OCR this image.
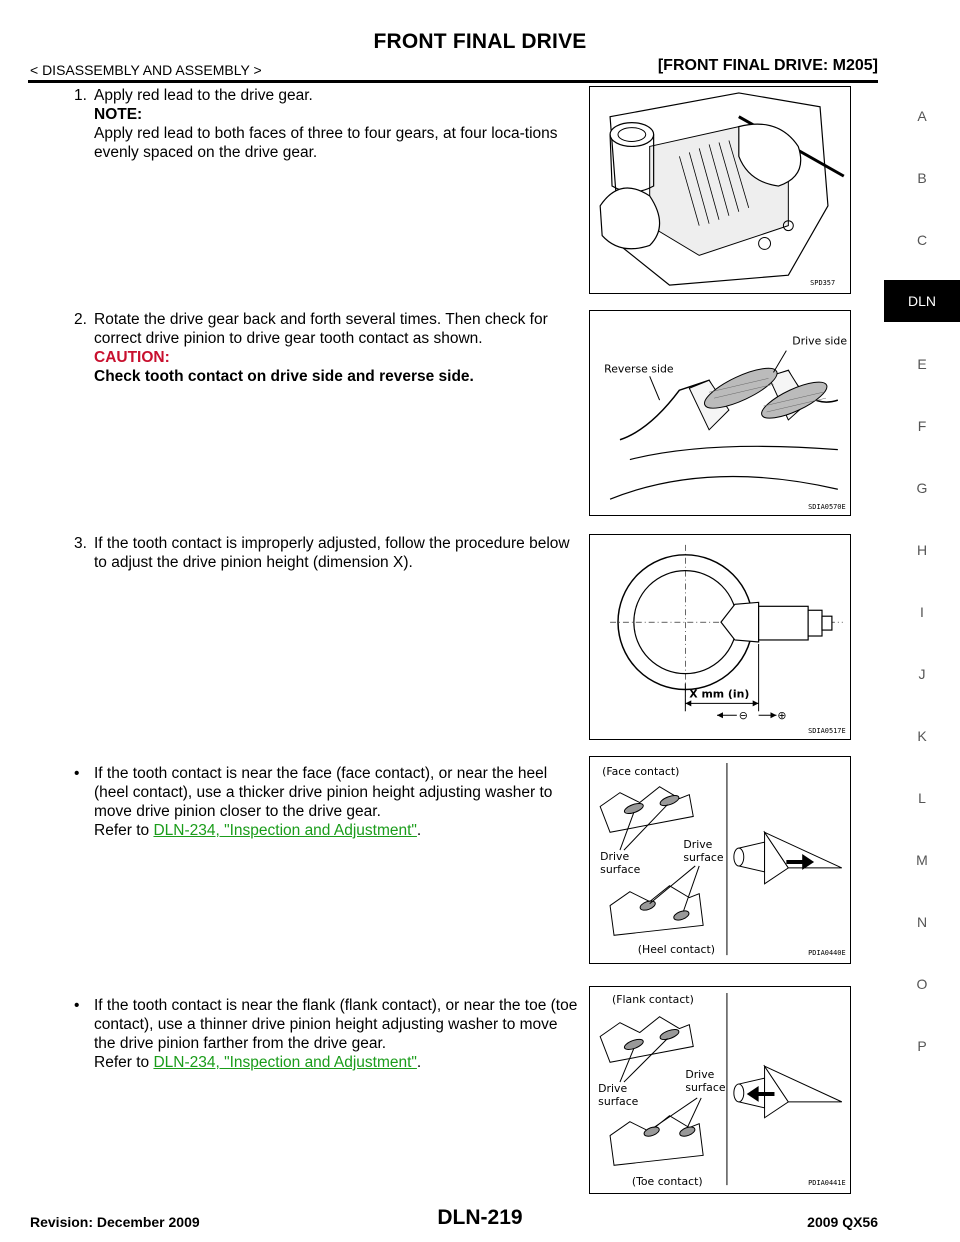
FRONT FINAL DRIVE
< DISASSEMBLY AND ASSEMBLY >	[FRONT FINAL DRIVE: M205]
A
B
C
DLN
E
F
G
H
I
J
K
L
M
N
O
P
1. Apply red lead to the drive gear.
NOTE:
Apply red lead to both faces of three to four gears, at four loca-tions evenly spaced on the drive gear.
2. Rotate the drive gear back and forth several times. Then check for correct drive pinion to drive gear tooth contact as shown.
CAUTION:
Check tooth contact on drive side and reverse side.
3. If the tooth contact is improperly adjusted, follow the procedure below to adjust the drive pinion height (dimension X).
• If the tooth contact is near the face (face contact), or near the heel (heel contact), use a thicker drive pinion height adjusting washer to move drive pinion closer to the drive gear.
Refer to DLN-234, "Inspection and Adjustment".
• If the tooth contact is near the flank (flank contact), or near the toe (toe contact), use a thinner drive pinion height adjusting washer to move the drive pinion farther from the drive gear.
Refer to DLN-234, "Inspection and Adjustment".
SPD357
Drive side
Reverse side
SDIA0570E
X mm (in)
⊖	⊕
SDIA0517E
(Face contact)
Drive
surface
Drive
surface
(Heel contact)	PDIA0440E
(Flank contact)
Drive
surface
Drive
surface
(Toe contact)	PDIA0441E
Revision: December 2009	DLN-219	2009 QX56
